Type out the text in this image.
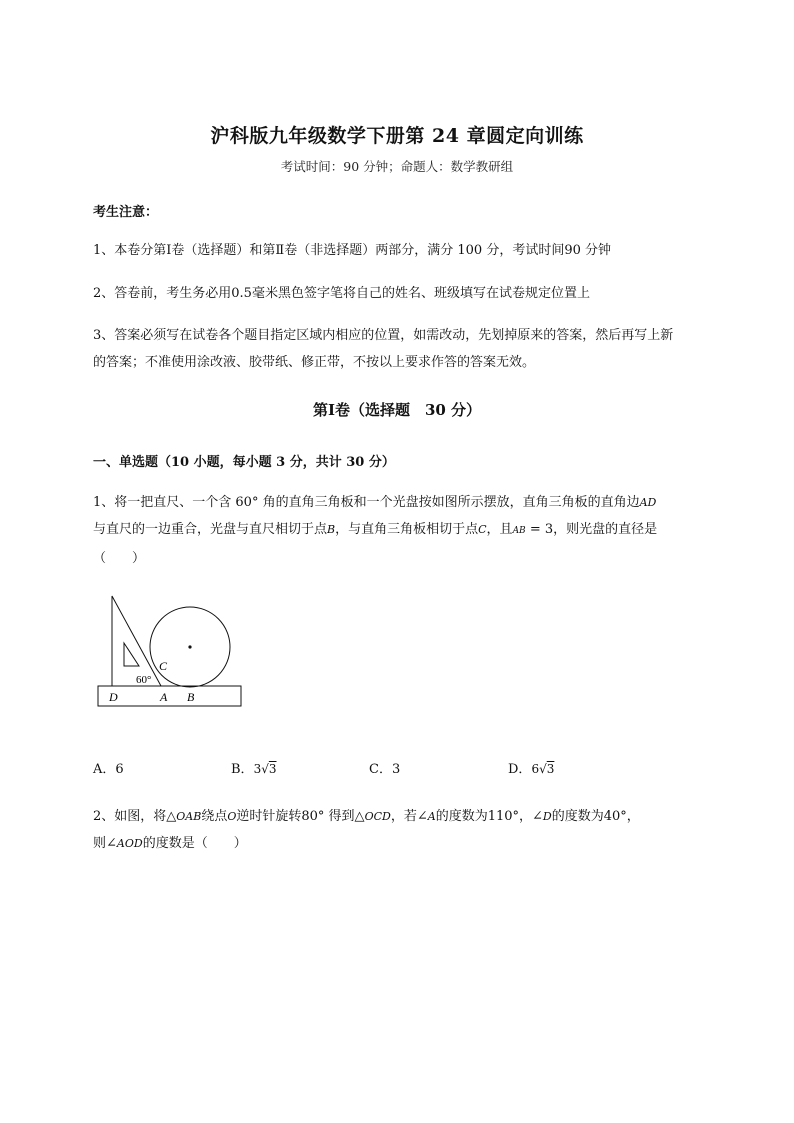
沪科版九年级数学下册第 24 章圆定向训练
考试时间：90 分钟；命题人：数学教研组
考生注意：
1、本卷分第Ⅰ卷（选择题）和第Ⅱ卷（非选择题）两部分，满分 100 分，考试时间90 分钟
2、答卷前，考生务必用0.5毫米黑色签字笔将自己的姓名、班级填写在试卷规定位置上
3、答案必须写在试卷各个题目指定区域内相应的位置，如需改动，先划掉原来的答案，然后再写上新
的答案；不准使用涂改液、胶带纸、修正带，不按以上要求作答的答案无效。
第Ⅰ卷（选择题　30 分）
一、单选题（10 小题，每小题 3 分，共计 30 分）
1、将一把直尺、一个含 60° 角的直角三角板和一个光盘按如图所示摆放，直角三角板的直角边AD
与直尺的一边重合，光盘与直尺相切于点B，与直角三角板相切于点C，且AB = 3，则光盘的直径是
（　　）
D	A B
C
60°
A．6	B．3√3	C．3	D．6√3
2、如图，将△OAB绕点O逆时针旋转80° 得到△OCD，若∠A的度数为110°，∠D的度数为40°，
则∠AOD的度数是（　　）
